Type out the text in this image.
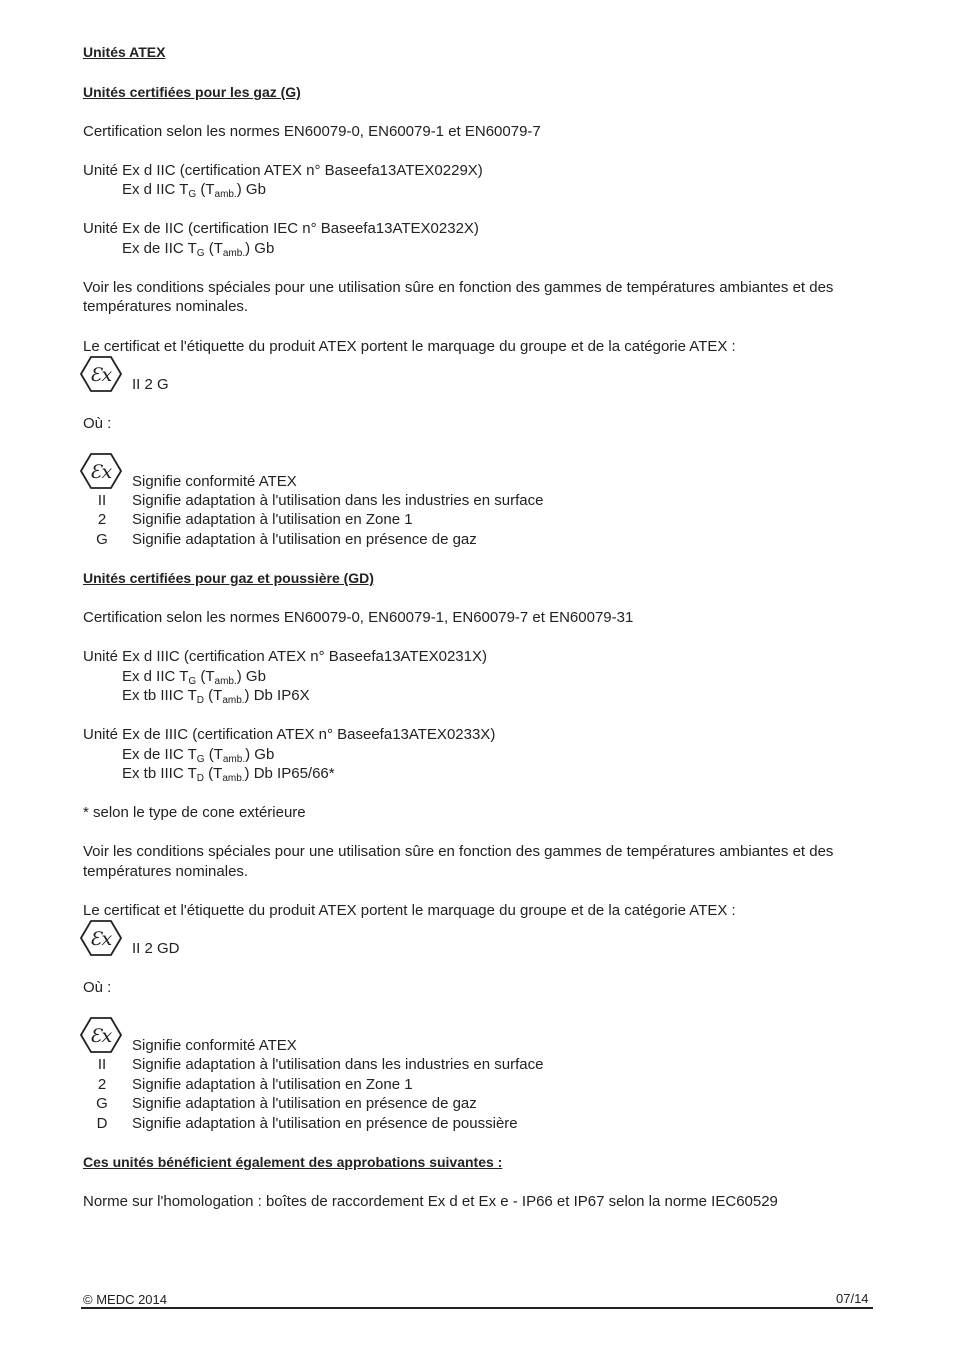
Unités ATEX
Unités certifiées pour les gaz (G)
Certification selon les normes EN60079-0, EN60079-1 et EN60079-7
Unité Ex d IIC (certification ATEX n° Baseefa13ATEX0229X)
Ex d IIC $T_G$ $(T_{amb.})$ Gb
Unité Ex de IIC (certification IEC n° Baseefa13ATEX0232X)
Ex de IIC $T_G$ $(T_{amb.})$ Gb
Voir les conditions spéciales pour une utilisation sûre en fonction des gammes de températures ambiantes et des
températures nominales.
Le certificat et l'étiquette du produit ATEX portent le marquage du groupe et de la catégorie ATEX :
Ɛx II 2 G
Où :
Ɛx Signifie conformité ATEX
II	Signifie adaptation à l'utilisation dans les industries en surface
2	Signifie adaptation à l'utilisation en Zone 1
G Signifie adaptation à l'utilisation en présence de gaz
Unités certifiées pour gaz et poussière (GD)
Certification selon les normes EN60079-0, EN60079-1, EN60079-7 et EN60079-31
Unité Ex d IIIC (certification ATEX n° Baseefa13ATEX0231X)
Ex d IIC $T_G$ $(T_{amb.})$ Gb
Ex tb IIIC $T_D$ $(T_{amb.})$ Db IP6X
Unité Ex de IIIC (certification ATEX n° Baseefa13ATEX0233X)
Ex de IIC $T_G$ $(T_{amb.})$ Gb
Ex tb IIIC $T_D$ $(T_{amb.})$ Db IP65/66*
* selon le type de cone extérieure
Voir les conditions spéciales pour une utilisation sûre en fonction des gammes de températures ambiantes et des
températures nominales.
Le certificat et l'étiquette du produit ATEX portent le marquage du groupe et de la catégorie ATEX :
Ɛx II 2 GD
Où :
Ɛx Signifie conformité ATEX
II	Signifie adaptation à l'utilisation dans les industries en surface
2	Signifie adaptation à l'utilisation en Zone 1
G Signifie adaptation à l'utilisation en présence de gaz
D	Signifie adaptation à l'utilisation en présence de poussière
Ces unités bénéficient également des approbations suivantes :
Norme sur l'homologation : boîtes de raccordement Ex d et Ex e - IP66 et IP67 selon la norme IEC60529
© MEDC 2014	07/14
